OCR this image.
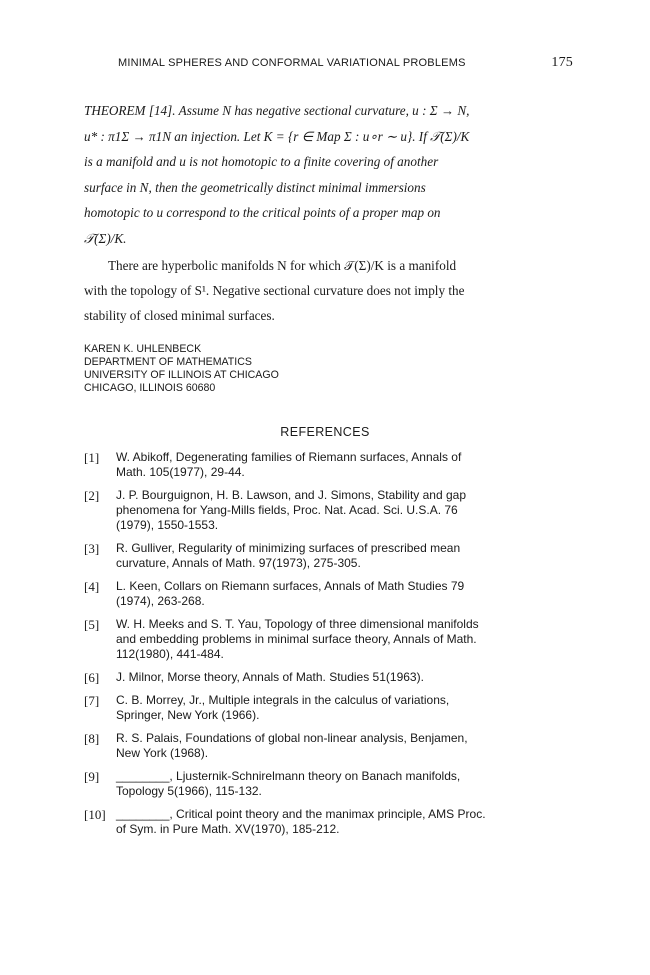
MINIMAL SPHERES AND CONFORMAL VARIATIONAL PROBLEMS	175
THEOREM [14]. Assume N has negative sectional curvature, u : Σ → N,
u* : π1Σ → π1N an injection. Let K = {r ∈ Map Σ : u∘r ∼ u}. If 𝒯(Σ)/K
is a manifold and u is not homotopic to a finite covering of another
surface in N, then the geometrically distinct minimal immersions
homotopic to u correspond to the critical points of a proper map on
𝒯(Σ)/K.
There are hyperbolic manifolds N for which 𝒯(Σ)/K is a manifold
with the topology of S¹. Negative sectional curvature does not imply the
stability of closed minimal surfaces.
KAREN K. UHLENBECK
DEPARTMENT OF MATHEMATICS
UNIVERSITY OF ILLINOIS AT CHICAGO
CHICAGO, ILLINOIS 60680
REFERENCES
[1]	W. Abikoff, Degenerating families of Riemann surfaces, Annals of
Math. 105(1977), 29-44.
[2]	J. P. Bourguignon, H. B. Lawson, and J. Simons, Stability and gap
phenomena for Yang-Mills fields, Proc. Nat. Acad. Sci. U.S.A. 76
(1979), 1550-1553.
[3]	R. Gulliver, Regularity of minimizing surfaces of prescribed mean
curvature, Annals of Math. 97(1973), 275-305.
[4]	L. Keen, Collars on Riemann surfaces, Annals of Math Studies 79
(1974), 263-268.
[5]	W. H. Meeks and S. T. Yau, Topology of three dimensional manifolds
and embedding problems in minimal surface theory, Annals of Math.
112(1980), 441-484.
[6]	J. Milnor, Morse theory, Annals of Math. Studies 51(1963).
[7]	C. B. Morrey, Jr., Multiple integrals in the calculus of variations,
Springer, New York (1966).
[8]	R. S. Palais, Foundations of global non-linear analysis, Benjamen,
New York (1968).
[9]	________, Ljusternik-Schnirelmann theory on Banach manifolds,
Topology 5(1966), 115-132.
[10] ________, Critical point theory and the manimax principle, AMS Proc.
of Sym. in Pure Math. XV(1970), 185-212.
